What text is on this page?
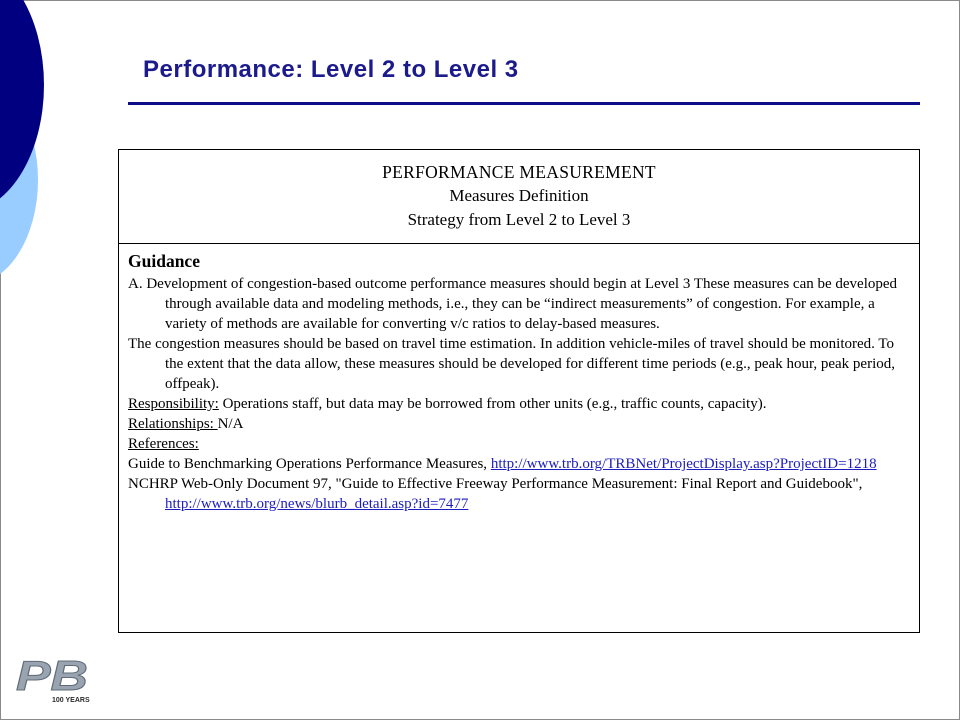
Performance: Level 2 to Level 3
PERFORMANCE MEASUREMENT
Measures Definition
Strategy from Level 2 to Level 3

Guidance

A. Development of congestion-based outcome performance measures should begin at Level 3 These measures can be developed through available data and modeling methods, i.e., they can be “indirect measurements” of congestion. For example, a variety of methods are available for converting v/c ratios to delay-based measures.

The congestion measures should be based on travel time estimation. In addition vehicle-miles of travel should be monitored. To the extent that the data allow, these measures should be developed for different time periods (e.g., peak hour, peak period, offpeak).

Responsibility: Operations staff, but data may be borrowed from other units (e.g., traffic counts, capacity).

Relationships: N/A

References:

Guide to Benchmarking Operations Performance Measures, http://www.trb.org/TRBNet/ProjectDisplay.asp?ProjectID=1218

NCHRP Web-Only Document 97, "Guide to Effective Freeway Performance Measurement: Final Report and Guidebook", http://www.trb.org/news/blurb_detail.asp?id=7477

PB
100 YEARS
